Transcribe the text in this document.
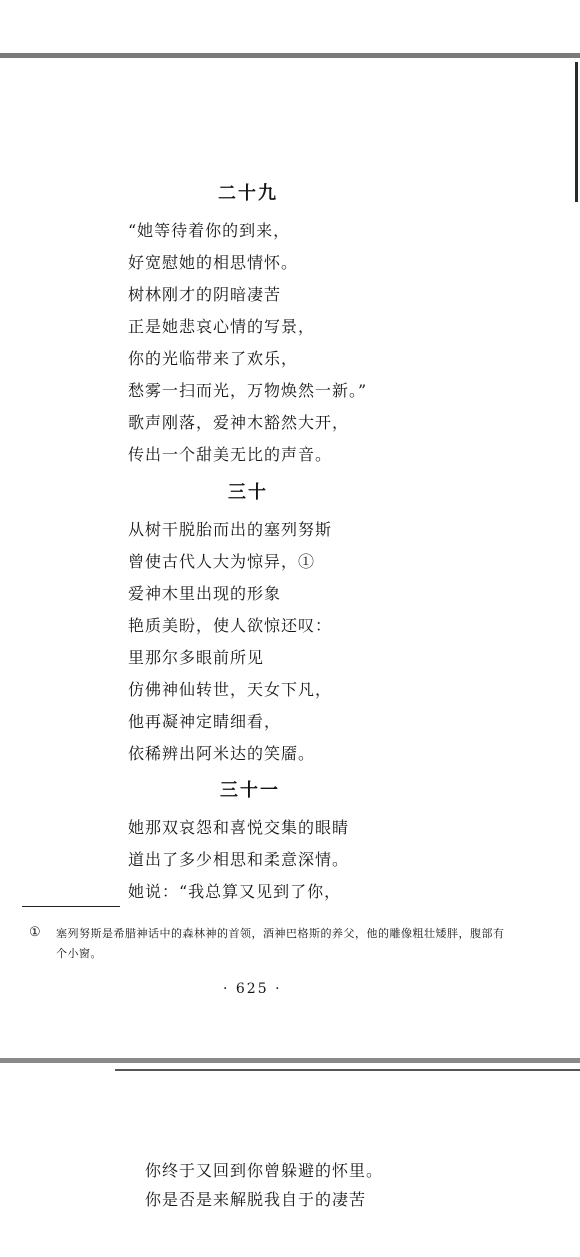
二十九
“她等待着你的到来，
好宽慰她的相思情怀。
树林刚才的阴暗凄苦
正是她悲哀心情的写景，
你的光临带来了欢乐，
愁雾一扫而光，万物焕然一新。”
歌声刚落，爱神木豁然大开，
传出一个甜美无比的声音。
三十
从树干脱胎而出的塞列努斯
曾使古代人大为惊异，①
爱神木里出现的形象
艳质美盼，使人欲惊还叹：
里那尔多眼前所见
仿佛神仙转世，天女下凡，
他再凝神定睛细看，
依稀辨出阿米达的笑靥。
三十一
她那双哀怨和喜悦交集的眼睛
道出了多少相思和柔意深情。
她说：“我总算又见到了你，
① 塞列努斯是希腊神话中的森林神的首领，酒神巴格斯的养父，他的雕像粗壮矮胖，腹部有个小窗。
· 625 ·
你终于又回到你曾躲避的怀里。
你是否是来解脱我自于的凄苦
